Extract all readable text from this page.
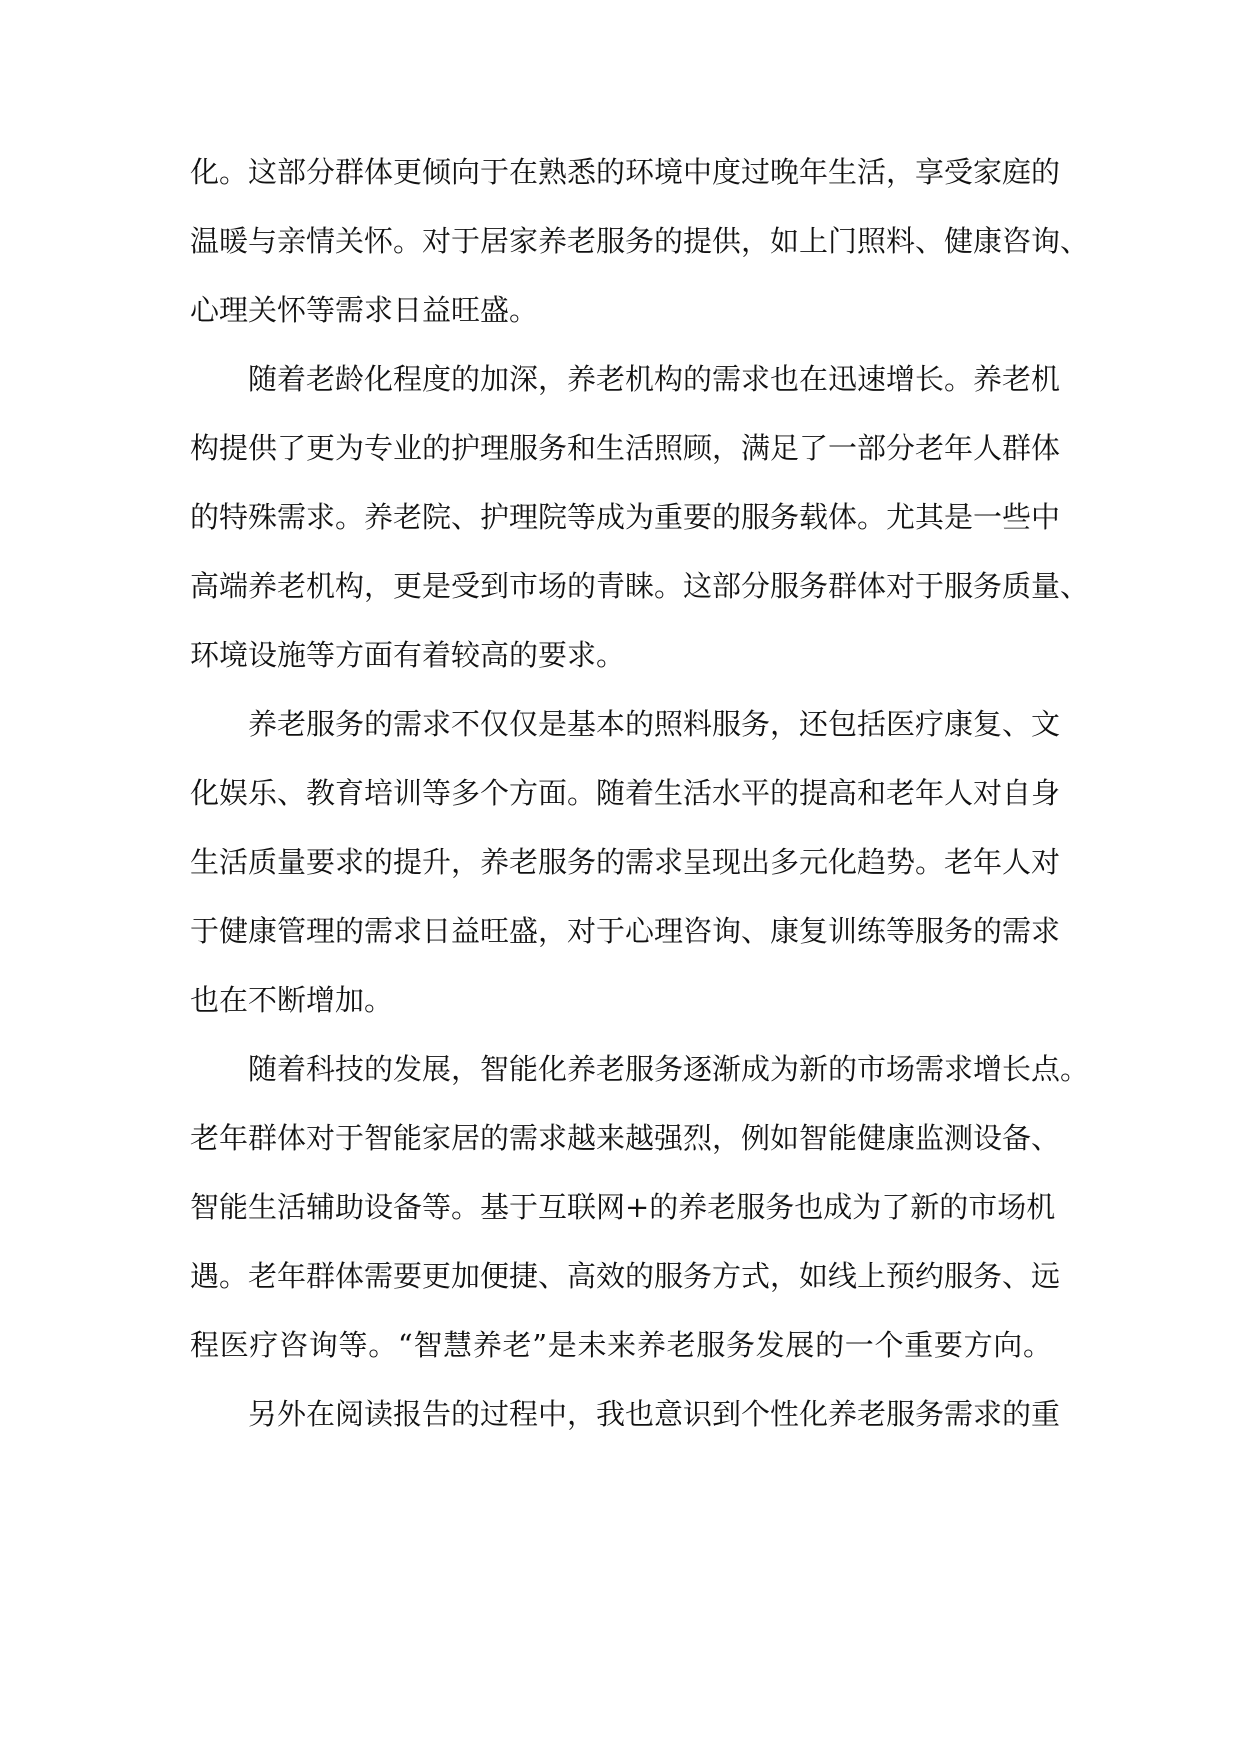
化。这部分群体更倾向于在熟悉的环境中度过晚年生活，享受家庭的
温暖与亲情关怀。对于居家养老服务的提供，如上门照料、健康咨询、
心理关怀等需求日益旺盛。
随着老龄化程度的加深，养老机构的需求也在迅速增长。养老机
构提供了更为专业的护理服务和生活照顾，满足了一部分老年人群体
的特殊需求。养老院、护理院等成为重要的服务载体。尤其是一些中
高端养老机构，更是受到市场的青睐。这部分服务群体对于服务质量、
环境设施等方面有着较高的要求。
养老服务的需求不仅仅是基本的照料服务，还包括医疗康复、文
化娱乐、教育培训等多个方面。随着生活水平的提高和老年人对自身
生活质量要求的提升，养老服务的需求呈现出多元化趋势。老年人对
于健康管理的需求日益旺盛，对于心理咨询、康复训练等服务的需求
也在不断增加。
随着科技的发展，智能化养老服务逐渐成为新的市场需求增长点。
老年群体对于智能家居的需求越来越强烈，例如智能健康监测设备、
智能生活辅助设备等。基于互联网+的养老服务也成为了新的市场机
遇。老年群体需要更加便捷、高效的服务方式，如线上预约服务、远
程医疗咨询等。“智慧养老”是未来养老服务发展的一个重要方向。
另外在阅读报告的过程中，我也意识到个性化养老服务需求的重
